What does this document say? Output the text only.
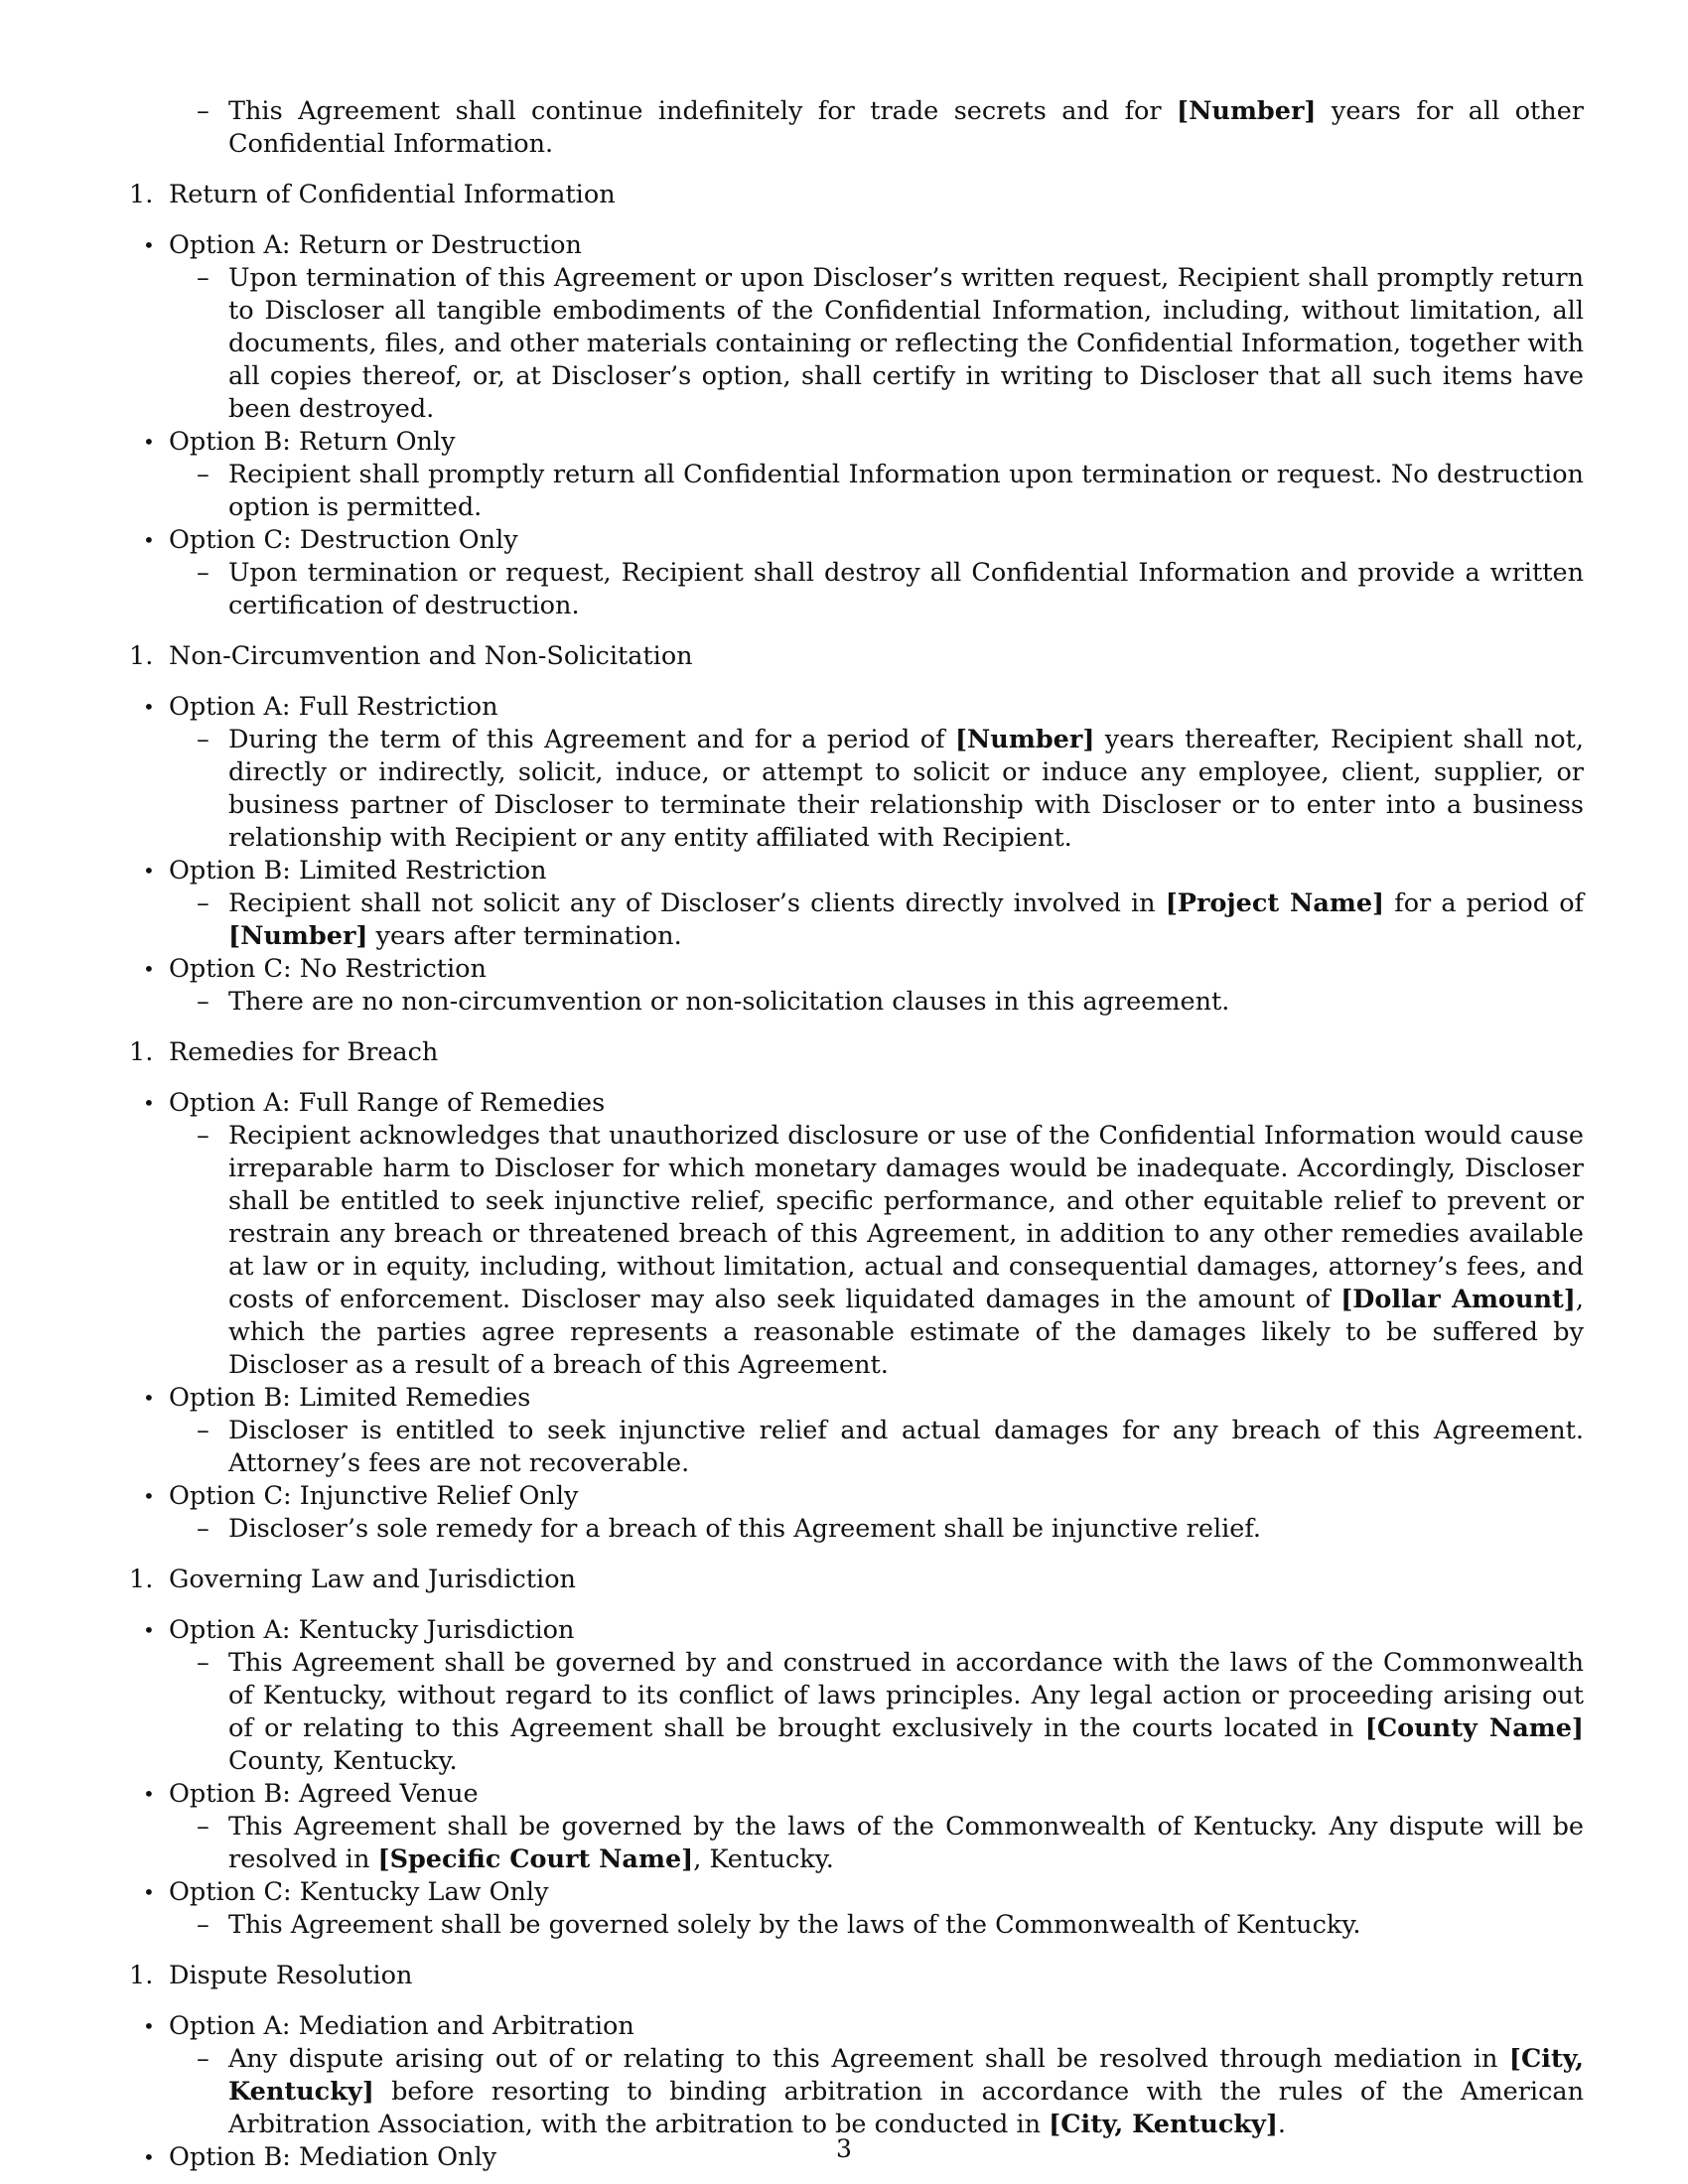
– This Agreement shall continue indefinitely for trade secrets and for [Number] years for all other Confidential Information.
1. Return of Confidential Information
• Option A: Return or Destruction
– Upon termination of this Agreement or upon Discloser’s written request, Recipient shall promptly return to Discloser all tangible embodiments of the Confidential Information, including, without limitation, all documents, files, and other materials containing or reflecting the Confidential Information, together with all copies thereof, or, at Discloser’s option, shall certify in writing to Discloser that all such items have been destroyed.
• Option B: Return Only
– Recipient shall promptly return all Confidential Information upon termination or request. No destruction option is permitted.
• Option C: Destruction Only
– Upon termination or request, Recipient shall destroy all Confidential Information and provide a written certification of destruction.
1. Non-Circumvention and Non-Solicitation
• Option A: Full Restriction
– During the term of this Agreement and for a period of [Number] years thereafter, Recipient shall not, directly or indirectly, solicit, induce, or attempt to solicit or induce any employee, client, supplier, or business partner of Discloser to terminate their relationship with Discloser or to enter into a business relationship with Recipient or any entity affiliated with Recipient.
• Option B: Limited Restriction
– Recipient shall not solicit any of Discloser’s clients directly involved in [Project Name] for a period of [Number] years after termination.
• Option C: No Restriction
– There are no non-circumvention or non-solicitation clauses in this agreement.
1. Remedies for Breach
• Option A: Full Range of Remedies
– Recipient acknowledges that unauthorized disclosure or use of the Confidential Information would cause irreparable harm to Discloser for which monetary damages would be inadequate. Accordingly, Discloser shall be entitled to seek injunctive relief, specific performance, and other equitable relief to prevent or restrain any breach or threatened breach of this Agreement, in addition to any other remedies available at law or in equity, including, without limitation, actual and consequential damages, attorney’s fees, and costs of enforcement. Discloser may also seek liquidated damages in the amount of [Dollar Amount], which the parties agree represents a reasonable estimate of the damages likely to be suffered by Discloser as a result of a breach of this Agreement.
• Option B: Limited Remedies
– Discloser is entitled to seek injunctive relief and actual damages for any breach of this Agreement. Attorney’s fees are not recoverable.
• Option C: Injunctive Relief Only
– Discloser’s sole remedy for a breach of this Agreement shall be injunctive relief.
1. Governing Law and Jurisdiction
• Option A: Kentucky Jurisdiction
– This Agreement shall be governed by and construed in accordance with the laws of the Commonwealth of Kentucky, without regard to its conflict of laws principles. Any legal action or proceeding arising out of or relating to this Agreement shall be brought exclusively in the courts located in [County Name] County, Kentucky.
• Option B: Agreed Venue
– This Agreement shall be governed by the laws of the Commonwealth of Kentucky. Any dispute will be resolved in [Specific Court Name], Kentucky.
• Option C: Kentucky Law Only
– This Agreement shall be governed solely by the laws of the Commonwealth of Kentucky.
1. Dispute Resolution
• Option A: Mediation and Arbitration
– Any dispute arising out of or relating to this Agreement shall be resolved through mediation in [City, Kentucky] before resorting to binding arbitration in accordance with the rules of the American Arbitration Association, with the arbitration to be conducted in [City, Kentucky].
• Option B: Mediation Only	3
